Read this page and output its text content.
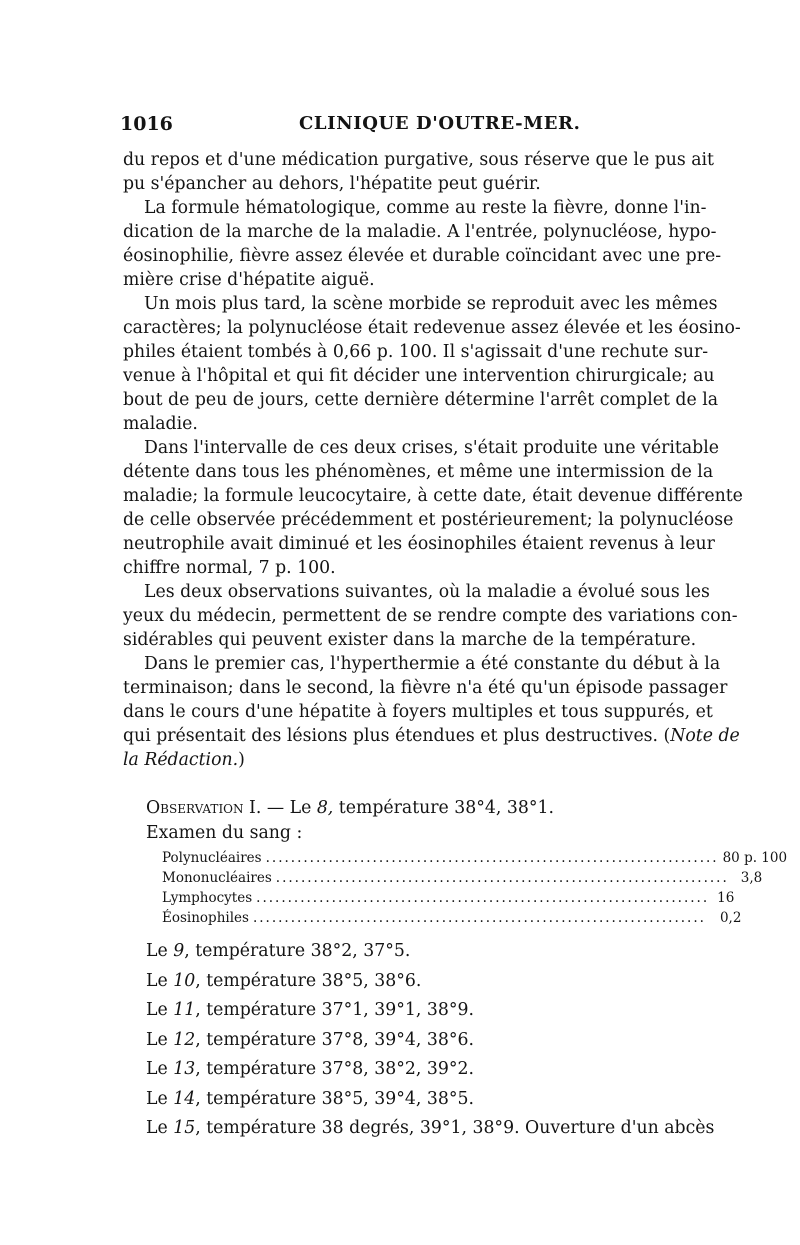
1016	CLINIQUE D'OUTRE-MER.
du repos et d'une médication purgative, sous réserve que le pus ait
pu s'épancher au dehors, l'hépatite peut guérir.
La formule hématologique, comme au reste la fièvre, donne l'in-
dication de la marche de la maladie. A l'entrée, polynucléose, hypo-
éosinophilie, fièvre assez élevée et durable coïncidant avec une pre-
mière crise d'hépatite aiguë.
Un mois plus tard, la scène morbide se reproduit avec les mêmes
caractères; la polynucléose était redevenue assez élevée et les éosino-
philes étaient tombés à 0,66 p. 100. Il s'agissait d'une rechute sur-
venue à l'hôpital et qui fit décider une intervention chirurgicale; au
bout de peu de jours, cette dernière détermine l'arrêt complet de la
maladie.
Dans l'intervalle de ces deux crises, s'était produite une véritable
détente dans tous les phénomènes, et même une intermission de la
maladie; la formule leucocytaire, à cette date, était devenue différente
de celle observée précédemment et postérieurement; la polynucléose
neutrophile avait diminué et les éosinophiles étaient revenus à leur
chiffre normal, 7 p. 100.
Les deux observations suivantes, où la maladie a évolué sous les
yeux du médecin, permettent de se rendre compte des variations con-
sidérables qui peuvent exister dans la marche de la température.
Dans le premier cas, l'hyperthermie a été constante du début à la
terminaison; dans le second, la fièvre n'a été qu'un épisode passager
dans le cours d'une hépatite à foyers multiples et tous suppurés, et
qui présentait des lésions plus étendues et plus destructives. (Note de
la Rédaction.)
Observation I. — Le 8, température 38°4, 38°1.
Examen du sang :
Polynucléaires ........................................................................ 80 p. 100
Mononucléaires ........................................................................ 3,8
Lymphocytes ........................................................................ 16
Éosinophiles ........................................................................	0,2
Le 9, température 38°2, 37°5.
Le 10, température 38°5, 38°6.
Le 11, température 37°1, 39°1, 38°9.
Le 12, température 37°8, 39°4, 38°6.
Le 13, température 37°8, 38°2, 39°2.
Le 14, température 38°5, 39°4, 38°5.
Le 15, température 38 degrés, 39°1, 38°9. Ouverture d'un abcès
